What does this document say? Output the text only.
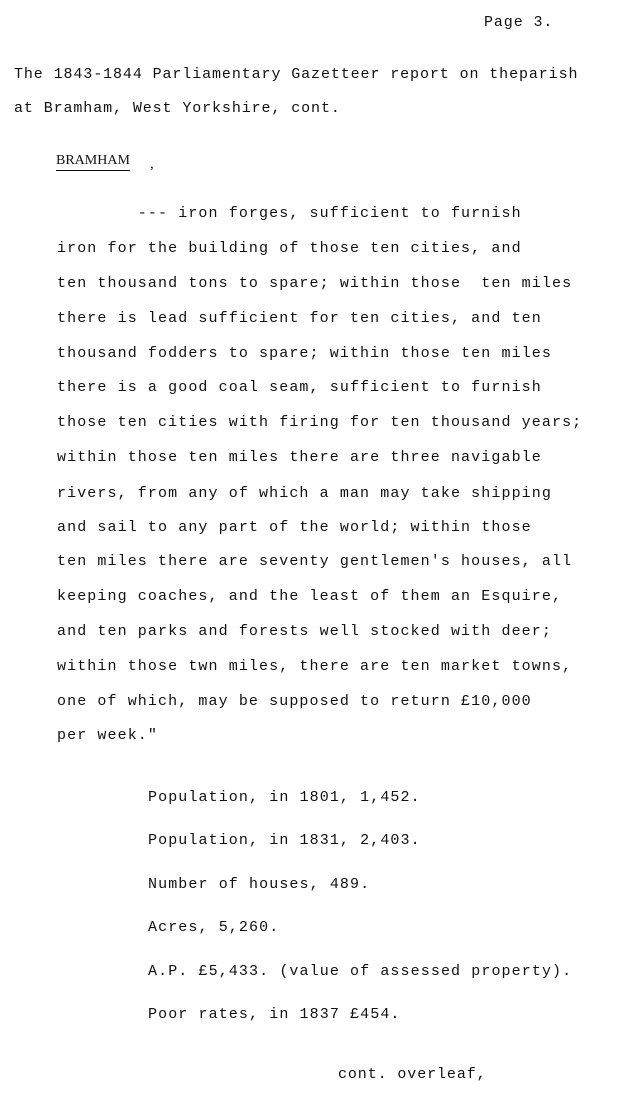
Page 3.
The 1843-1844 Parliamentary Gazetteer report on theparish
at Bramham, West Yorkshire, cont.
BRAMHAM ,
--- iron forges, sufficient to furnish
iron for the building of those ten cities, and
ten thousand tons to spare; within those  ten miles
there is lead sufficient for ten cities, and ten
thousand fodders to spare; within those ten miles
there is a good coal seam, sufficient to furnish
those ten cities with firing for ten thousand years;
within those ten miles there are three navigable
rivers, from any of which a man may take shipping
and sail to any part of the world; within those
ten miles there are seventy gentlemen's houses, all
keeping coaches, and the least of them an Esquire,
and ten parks and forests well stocked with deer;
within those twn miles, there are ten market towns,
one of which, may be supposed to return £10,000
per week."
Population, in 1801, 1,452.
Population, in 1831, 2,403.
Number of houses, 489.
Acres, 5,260.
A.P. £5,433. (value of assessed property).
Poor rates, in 1837 £454.
cont. overleaf,
